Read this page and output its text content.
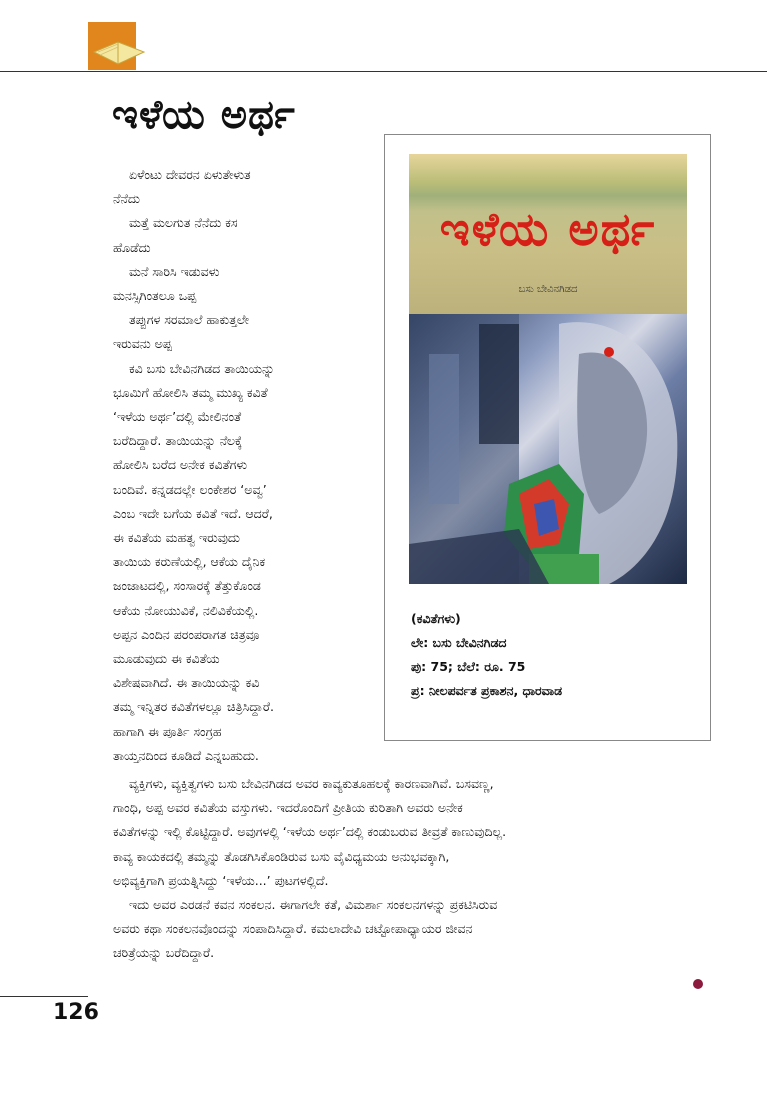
ಇಳೆಯ ಅರ್ಥ

ಏಳೆಂಟು ದೇವರನ ಏಳುತೇಳುತ

ನೆನೆದು

ಮತ್ತೆ ಮಲಗುತ ನೆನೆದು ಕಸ

ಹೊಡೆದು

ಮನೆ ಸಾರಿಸಿ ಇಡುವಳು

ಮನಸ್ಸಿಗಿಂತಲೂ ಒಪ್ಪ

ತಪ್ಪುಗಳ ಸರಮಾಲೆ ಹಾಕುತ್ತಲೇ

ಇರುವನು ಅಪ್ಪ

ಕವಿ ಬಸು ಬೇವಿನಗಿಡದ ತಾಯಿಯನ್ನು

ಭೂಮಿಗೆ ಹೋಲಿಸಿ ತಮ್ಮ ಮುಖ್ಯ ಕವಿತೆ

‘ಇಳೆಯ ಅರ್ಥ’ದಲ್ಲಿ ಮೇಲಿನಂತೆ

ಬರೆದಿದ್ದಾರೆ. ತಾಯಿಯನ್ನು ನೆಲಕ್ಕೆ

ಹೋಲಿಸಿ ಬರೆದ ಅನೇಕ ಕವಿತೆಗಳು

ಬಂದಿವೆ. ಕನ್ನಡದಲ್ಲೇ ಲಂಕೇಶರ ‘ಅವ್ವ’

ಎಂಬ ಇದೇ ಬಗೆಯ ಕವಿತೆ ಇದೆ. ಆದರೆ,

ಈ ಕವಿತೆಯ ಮಹತ್ವ ಇರುವುದು

ತಾಯಿಯ ಕರುಣೆಯಲ್ಲಿ, ಆಕೆಯ ದೈನಿಕ

ಜಂಜಾಟದಲ್ಲಿ, ಸಂಸಾರಕ್ಕೆ ತೆತ್ತುಕೊಂಡ

ಆಕೆಯ ನೋಯುವಿಕೆ, ನಲಿವಿಕೆಯಲ್ಲಿ.

ಅಪ್ಪನ ಎಂದಿನ ಪರಂಪರಾಗತ ಚಿತ್ರವೂ

ಮೂಡುವುದು ಈ ಕವಿತೆಯ

ವಿಶೇಷವಾಗಿದೆ. ಈ ತಾಯಿಯನ್ನು ಕವಿ

ತಮ್ಮ ಇನ್ನಿತರ ಕವಿತೆಗಳಲ್ಲೂ ಚಿತ್ರಿಸಿದ್ದಾರೆ.

ಹಾಗಾಗಿ ಈ ಪೂರ್ತಿ ಸಂಗ್ರಹ

ತಾಯ್ತನದಿಂದ ಕೂಡಿದೆ ಎನ್ನಬಹುದು.

ಇಳೆಯ ಅರ್ಥ
ಬಸು ಬೇವಿನಗಿಡದ
(ಕವಿತೆಗಳು)
ಲೇ: ಬಸು ಬೇವಿನಗಿಡದ
ಪು: 75; ಬೆಲೆ: ರೂ. 75
ಪ್ರ: ನೀಲಪರ್ವತ ಪ್ರಕಾಶನ, ಧಾರವಾಡ

ವ್ಯಕ್ತಿಗಳು, ವ್ಯಕ್ತಿತ್ವಗಳು ಬಸು ಬೇವಿನಗಿಡದ ಅವರ ಕಾವ್ಯಕುತೂಹಲಕ್ಕೆ ಕಾರಣವಾಗಿವೆ. ಬಸವಣ್ಣ,

ಗಾಂಧಿ, ಅಪ್ಪ ಅವರ ಕವಿತೆಯ ವಸ್ತುಗಳು. ಇದರೊಂದಿಗೆ ಪ್ರೀತಿಯ ಕುರಿತಾಗಿ ಅವರು ಅನೇಕ

ಕವಿತೆಗಳನ್ನು ಇಲ್ಲಿ ಕೊಟ್ಟಿದ್ದಾರೆ. ಅವುಗಳಲ್ಲಿ ‘ಇಳೆಯ ಅರ್ಥ’ದಲ್ಲಿ ಕಂಡುಬರುವ ತೀವ್ರತೆ ಕಾಣುವುದಿಲ್ಲ.

ಕಾವ್ಯ ಕಾಯಕದಲ್ಲಿ ತಮ್ಮನ್ನು ತೊಡಗಿಸಿಕೊಂಡಿರುವ ಬಸು ವೈವಿಧ್ಯಮಯ ಅನುಭವಕ್ಕಾಗಿ,

ಅಭಿವ್ಯಕ್ತಿಗಾಗಿ ಪ್ರಯತ್ನಿಸಿದ್ದು ‘ಇಳೆಯ...’ ಪುಟಗಳಲ್ಲಿದೆ.

ಇದು ಅವರ ಎರಡನೆ ಕವನ ಸಂಕಲನ. ಈಗಾಗಲೇ ಕತೆ, ವಿಮರ್ಶಾ ಸಂಕಲನಗಳನ್ನು ಪ್ರಕಟಿಸಿರುವ

ಅವರು ಕಥಾ ಸಂಕಲನವೊಂದನ್ನು ಸಂಪಾದಿಸಿದ್ದಾರೆ. ಕಮಲಾದೇವಿ ಚಟ್ಟೋಪಾಧ್ಯಾಯರ ಜೀವನ

ಚರಿತ್ರೆಯನ್ನು ಬರೆದಿದ್ದಾರೆ.

126
